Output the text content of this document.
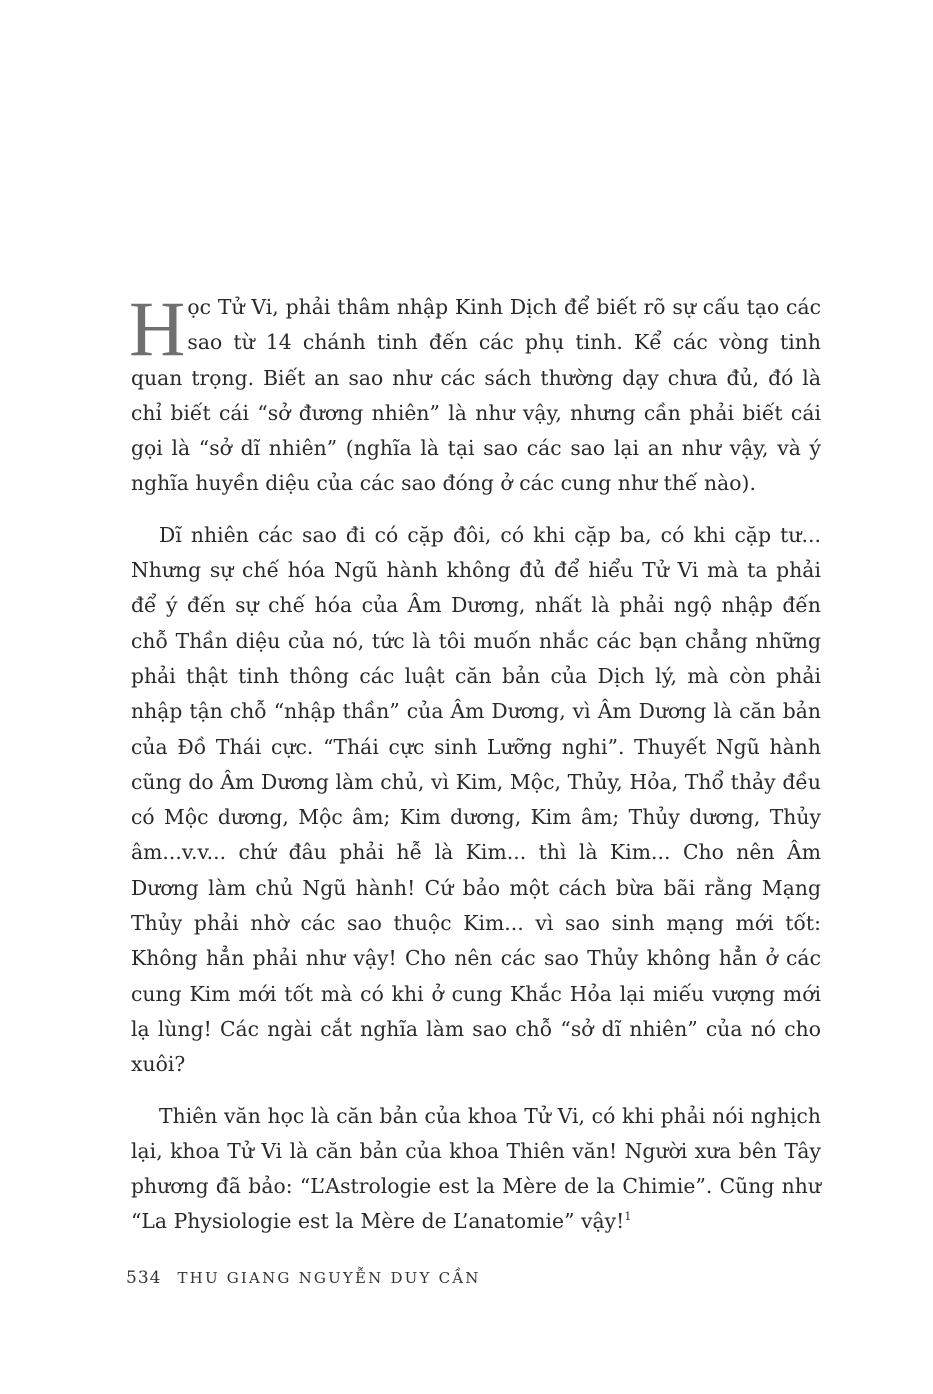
Học Tử Vi, phải thâm nhập Kinh Dịch để biết rõ sự cấu tạo các sao từ 14 chánh tinh đến các phụ tinh. Kể các vòng tinh quan trọng. Biết an sao như các sách thường dạy chưa đủ, đó là chỉ biết cái “sở đương nhiên” là như vậy, nhưng cần phải biết cái gọi là “sở dĩ nhiên” (nghĩa là tại sao các sao lại an như vậy, và ý nghĩa huyền diệu của các sao đóng ở các cung như thế nào).

Dĩ nhiên các sao đi có cặp đôi, có khi cặp ba, có khi cặp tư... Nhưng sự chế hóa Ngũ hành không đủ để hiểu Tử Vi mà ta phải để ý đến sự chế hóa của Âm Dương, nhất là phải ngộ nhập đến chỗ Thần diệu của nó, tức là tôi muốn nhắc các bạn chẳng những phải thật tinh thông các luật căn bản của Dịch lý, mà còn phải nhập tận chỗ “nhập thần” của Âm Dương, vì Âm Dương là căn bản của Đồ Thái cực. “Thái cực sinh Lưỡng nghi”. Thuyết Ngũ hành cũng do Âm Dương làm chủ, vì Kim, Mộc, Thủy, Hỏa, Thổ thảy đều có Mộc dương, Mộc âm; Kim dương, Kim âm; Thủy dương, Thủy âm...v.v... chứ đâu phải hễ là Kim... thì là Kim... Cho nên Âm Dương làm chủ Ngũ hành! Cứ bảo một cách bừa bãi rằng Mạng Thủy phải nhờ các sao thuộc Kim... vì sao sinh mạng mới tốt: Không hẳn phải như vậy! Cho nên các sao Thủy không hẳn ở các cung Kim mới tốt mà có khi ở cung Khắc Hỏa lại miếu vượng mới lạ lùng! Các ngài cắt nghĩa làm sao chỗ “sở dĩ nhiên” của nó cho xuôi?

Thiên văn học là căn bản của khoa Tử Vi, có khi phải nói nghịch lại, khoa Tử Vi là căn bản của khoa Thiên văn! Người xưa bên Tây phương đã bảo: “L’Astrologie est la Mère de la Chimie”. Cũng như “La Physiologie est la Mère de L’anatomie” vậy!$^1$

534 THU GIANG NGUYỄN DUY CẦN
